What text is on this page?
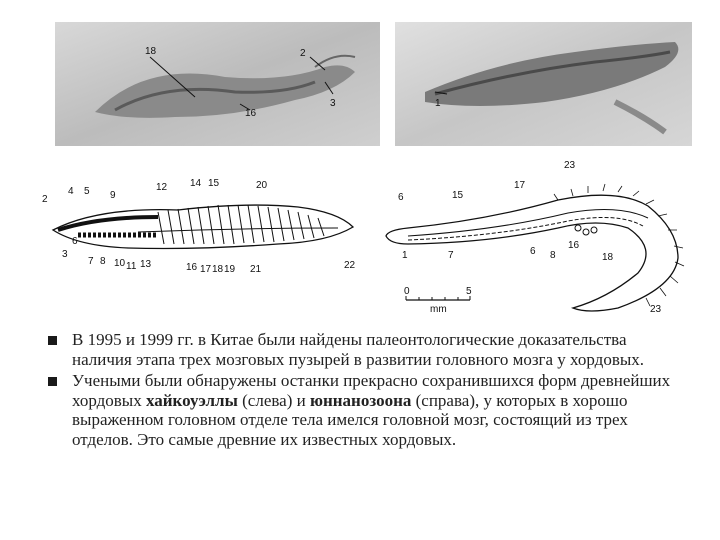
18	2
3
16
1
2
4 5 9
12 14 15	20
3
6
7 8 10 11 13	16 17 18 19 21	22
23
6	15
17
1	7	6 8
16
18
23
0	5
mm
В 1995 и 1999 гг. в Китае были найдены палеонтологические доказательства наличия этапа трех мозговых пузырей в развитии головного мозга у хордовых.
Учеными были обнаружены останки прекрасно сохранившихся форм древнейших хордовых хайкоуэллы (слева) и юннанозоона (справа), у которых в хорошо выраженном головном отделе тела имелся головной мозг, состоящий из трех отделов. Это самые древние их известных хордовых.
